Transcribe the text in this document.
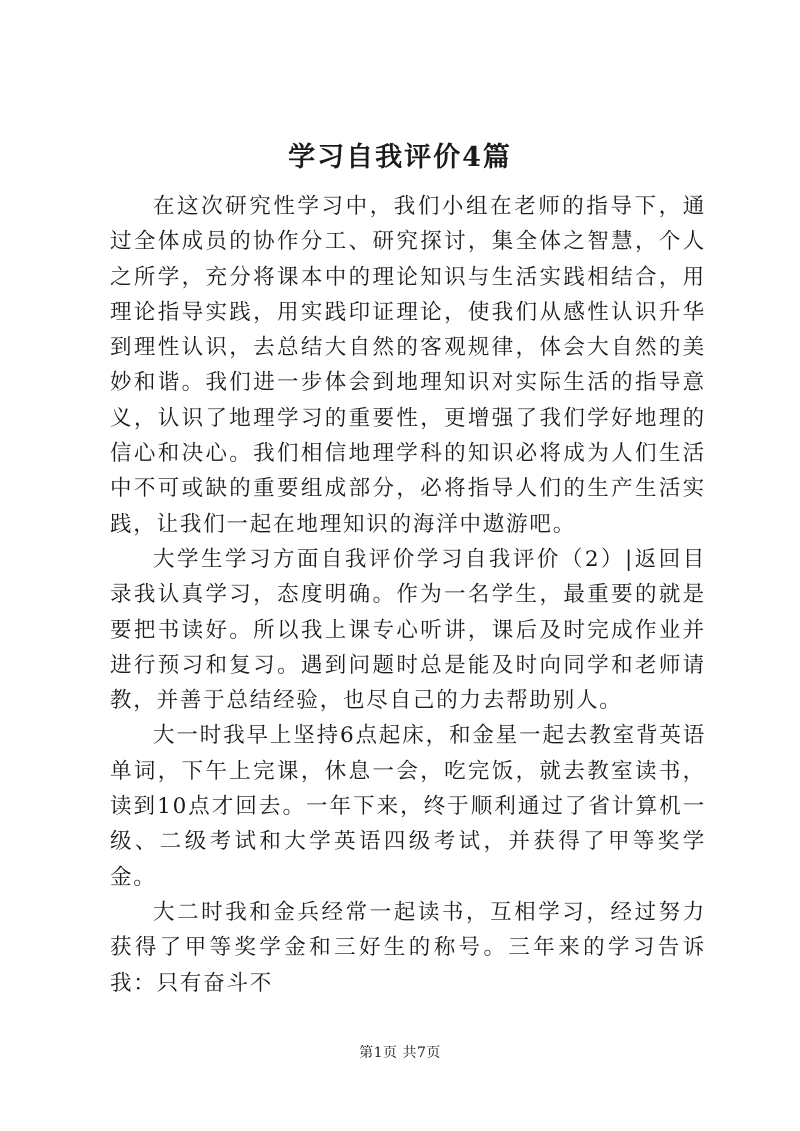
学习自我评价4篇

在这次研究性学习中，我们小组在老师的指导下，通过全体成员的协作分工、研究探讨，集全体之智慧，个人之所学，充分将课本中的理论知识与生活实践相结合，用理论指导实践，用实践印证理论，使我们从感性认识升华到理性认识，去总结大自然的客观规律，体会大自然的美妙和谐。我们进一步体会到地理知识对实际生活的指导意义，认识了地理学习的重要性，更增强了我们学好地理的信心和决心。我们相信地理学科的知识必将成为人们生活中不可或缺的重要组成部分，必将指导人们的生产生活实践，让我们一起在地理知识的海洋中遨游吧。

大学生学习方面自我评价学习自我评价（2）|返回目录我认真学习，态度明确。作为一名学生，最重要的就是要把书读好。所以我上课专心听讲，课后及时完成作业并进行预习和复习。遇到问题时总是能及时向同学和老师请教，并善于总结经验，也尽自己的力去帮助别人。

大一时我早上坚持6点起床，和金星一起去教室背英语单词，下午上完课，休息一会，吃完饭，就去教室读书，读到10点才回去。一年下来，终于顺利通过了省计算机一级、二级考试和大学英语四级考试，并获得了甲等奖学金。

大二时我和金兵经常一起读书，互相学习，经过努力获得了甲等奖学金和三好生的称号。三年来的学习告诉我：只有奋斗不

第1页 共7页
